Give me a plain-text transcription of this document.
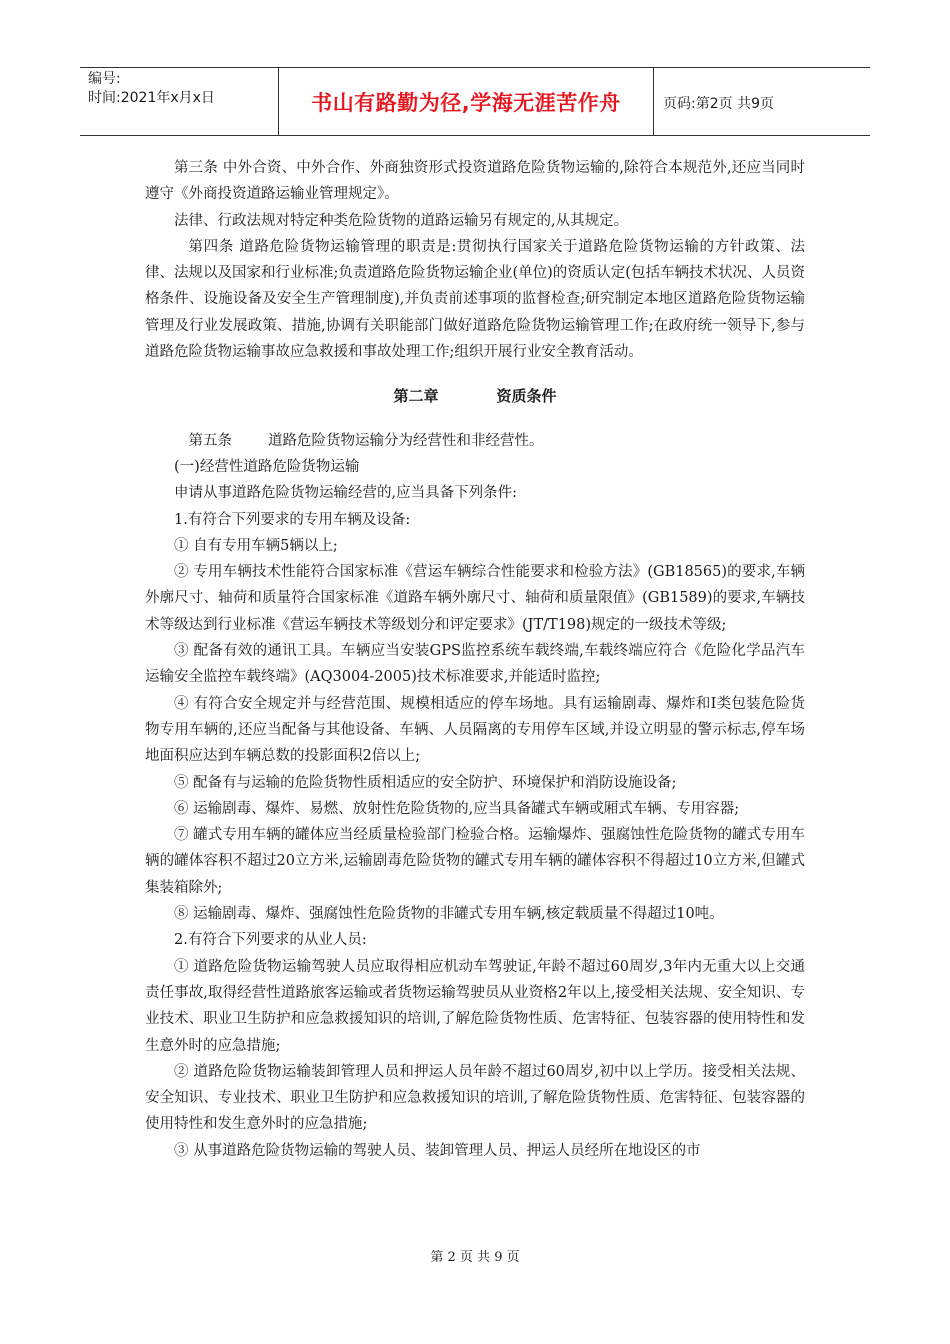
编号:
时间:2021年x月x日	书山有路勤为径,学海无涯苦作舟	页码:第2页 共9页

第三条 中外合资、中外合作、外商独资形式投资道路危险货物运输的,除符合本规范外,还应当同时遵守《外商投资道路运输业管理规定》。

法律、行政法规对特定种类危险货物的道路运输另有规定的,从其规定。

第四条 道路危险货物运输管理的职责是:贯彻执行国家关于道路危险货物运输的方针政策、法律、法规以及国家和行业标准;负责道路危险货物运输企业(单位)的资质认定(包括车辆技术状况、人员资格条件、设施设备及安全生产管理制度),并负责前述事项的监督检查;研究制定本地区道路危险货物运输管理及行业发展政策、措施,协调有关职能部门做好道路危险货物运输管理工作;在政府统一领导下,参与道路危险货物运输事故应急救援和事故处理工作;组织开展行业安全教育活动。

第二章	资质条件

第五条 道路危险货物运输分为经营性和非经营性。

(一)经营性道路危险货物运输

申请从事道路危险货物运输经营的,应当具备下列条件:

1.有符合下列要求的专用车辆及设备:

① 自有专用车辆5辆以上;

② 专用车辆技术性能符合国家标准《营运车辆综合性能要求和检验方法》(GB18565)的要求,车辆外廓尺寸、轴荷和质量符合国家标准《道路车辆外廓尺寸、轴荷和质量限值》(GB1589)的要求,车辆技术等级达到行业标准《营运车辆技术等级划分和评定要求》(JT/T198)规定的一级技术等级;

③ 配备有效的通讯工具。车辆应当安装GPS监控系统车载终端,车载终端应符合《危险化学品汽车运输安全监控车载终端》(AQ3004-2005)技术标准要求,并能适时监控;

④ 有符合安全规定并与经营范围、规模相适应的停车场地。具有运输剧毒、爆炸和Ⅰ类包装危险货物专用车辆的,还应当配备与其他设备、车辆、人员隔离的专用停车区域,并设立明显的警示标志,停车场地面积应达到车辆总数的投影面积2倍以上;

⑤ 配备有与运输的危险货物性质相适应的安全防护、环境保护和消防设施设备;

⑥ 运输剧毒、爆炸、易燃、放射性危险货物的,应当具备罐式车辆或厢式车辆、专用容器;

⑦ 罐式专用车辆的罐体应当经质量检验部门检验合格。运输爆炸、强腐蚀性危险货物的罐式专用车辆的罐体容积不超过20立方米,运输剧毒危险货物的罐式专用车辆的罐体容积不得超过10立方米,但罐式集装箱除外;

⑧ 运输剧毒、爆炸、强腐蚀性危险货物的非罐式专用车辆,核定载质量不得超过10吨。

2.有符合下列要求的从业人员:

① 道路危险货物运输驾驶人员应取得相应机动车驾驶证,年龄不超过60周岁,3年内无重大以上交通责任事故,取得经营性道路旅客运输或者货物运输驾驶员从业资格2年以上,接受相关法规、安全知识、专业技术、职业卫生防护和应急救援知识的培训,了解危险货物性质、危害特征、包装容器的使用特性和发生意外时的应急措施;

② 道路危险货物运输装卸管理人员和押运人员年龄不超过60周岁,初中以上学历。接受相关法规、安全知识、专业技术、职业卫生防护和应急救援知识的培训,了解危险货物性质、危害特征、包装容器的使用特性和发生意外时的应急措施;

③ 从事道路危险货物运输的驾驶人员、装卸管理人员、押运人员经所在地设区的市

第 2 页 共 9 页
